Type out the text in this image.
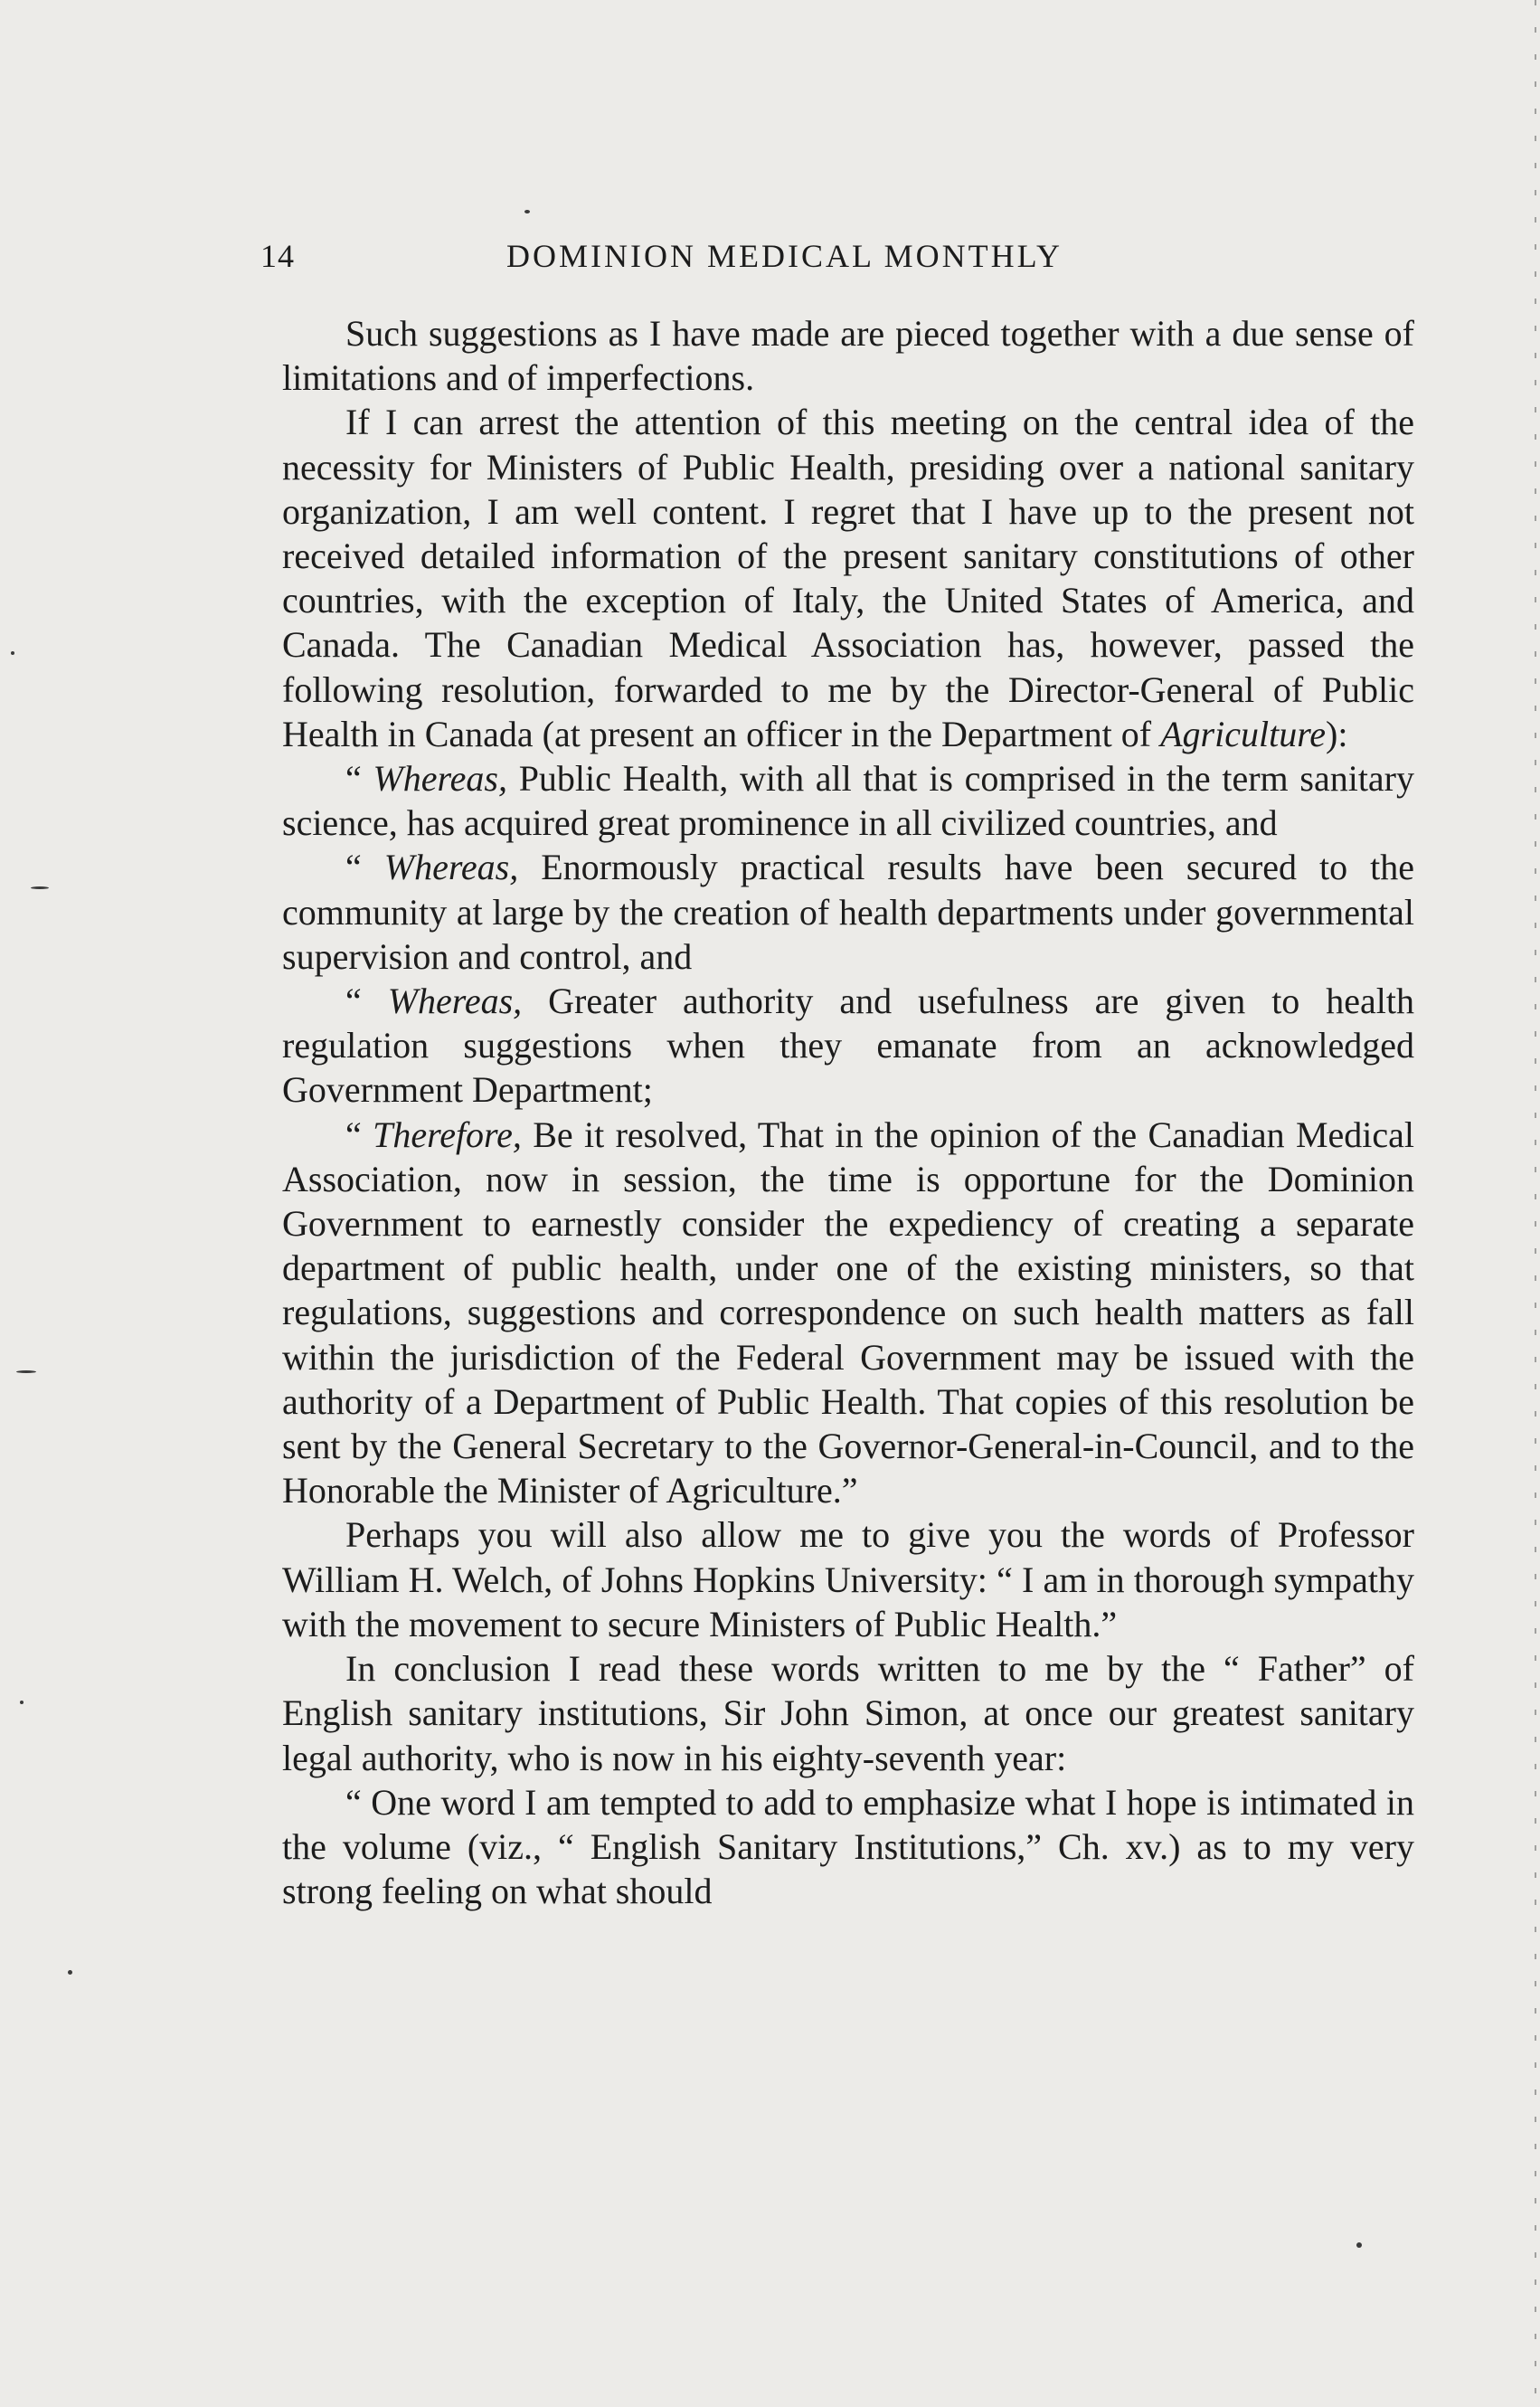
14	DOMINION MEDICAL MONTHLY

Such suggestions as I have made are pieced together with a due sense of limitations and of imperfections.

If I can arrest the attention of this meeting on the central idea of the necessity for Ministers of Public Health, presiding over a national sanitary organization, I am well content. I regret that I have up to the present not received detailed information of the present sanitary constitutions of other countries, with the exception of Italy, the United States of America, and Canada. The Canadian Medical Association has, however, passed the following resolution, forwarded to me by the Director-General of Public Health in Canada (at present an officer in the Department of Agriculture):

“ Whereas, Public Health, with all that is comprised in the term sanitary science, has acquired great prominence in all civilized countries, and

“ Whereas, Enormously practical results have been secured to the community at large by the creation of health departments under governmental supervision and control, and

“ Whereas, Greater authority and usefulness are given to health regulation suggestions when they emanate from an acknowledged Government Department;

“ Therefore, Be it resolved, That in the opinion of the Canadian Medical Association, now in session, the time is opportune for the Dominion Government to earnestly consider the expediency of creating a separate department of public health, under one of the existing ministers, so that regulations, suggestions and correspondence on such health matters as fall within the jurisdiction of the Federal Government may be issued with the authority of a Department of Public Health. That copies of this resolution be sent by the General Secretary to the Governor-General-in-Council, and to the Honorable the Minister of Agriculture.”

Perhaps you will also allow me to give you the words of Professor William H. Welch, of Johns Hopkins University: “ I am in thorough sympathy with the movement to secure Ministers of Public Health.”

In conclusion I read these words written to me by the “ Father” of English sanitary institutions, Sir John Simon, at once our greatest sanitary legal authority, who is now in his eighty-seventh year:

“ One word I am tempted to add to emphasize what I hope is intimated in the volume (viz., “ English Sanitary Institutions,” Ch. xv.) as to my very strong feeling on what should
